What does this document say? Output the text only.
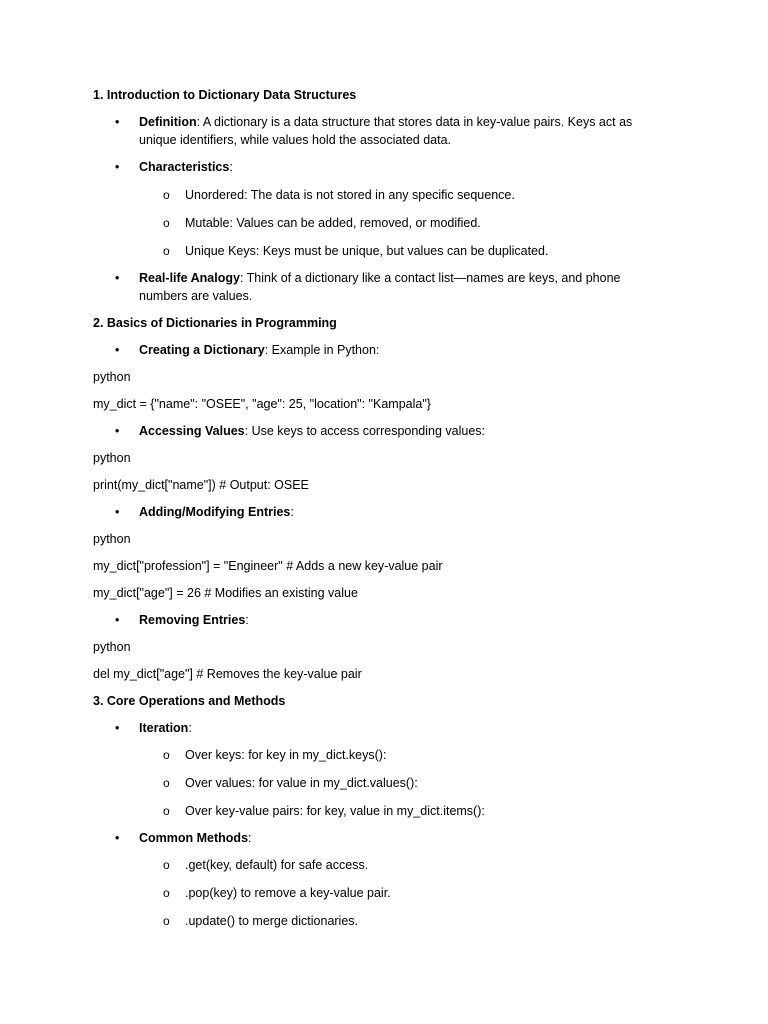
1. Introduction to Dictionary Data Structures

• Definition: A dictionary is a data structure that stores data in key-value pairs. Keys act as unique identifiers, while values hold the associated data.

• Characteristics:

o Unordered: The data is not stored in any specific sequence.

o Mutable: Values can be added, removed, or modified.

o Unique Keys: Keys must be unique, but values can be duplicated.

• Real-life Analogy: Think of a dictionary like a contact list—names are keys, and phone numbers are values.

2. Basics of Dictionaries in Programming

• Creating a Dictionary: Example in Python:

python

my_dict = {"name": "OSEE", "age": 25, "location": "Kampala"}

• Accessing Values: Use keys to access corresponding values:

python

print(my_dict["name"]) # Output: OSEE

• Adding/Modifying Entries:

python

my_dict["profession"] = "Engineer" # Adds a new key-value pair

my_dict["age"] = 26 # Modifies an existing value

• Removing Entries:

python

del my_dict["age"] # Removes the key-value pair

3. Core Operations and Methods

• Iteration:

o Over keys: for key in my_dict.keys():

o Over values: for value in my_dict.values():

o Over key-value pairs: for key, value in my_dict.items():

• Common Methods:

o .get(key, default) for safe access.

o .pop(key) to remove a key-value pair.

o .update() to merge dictionaries.
